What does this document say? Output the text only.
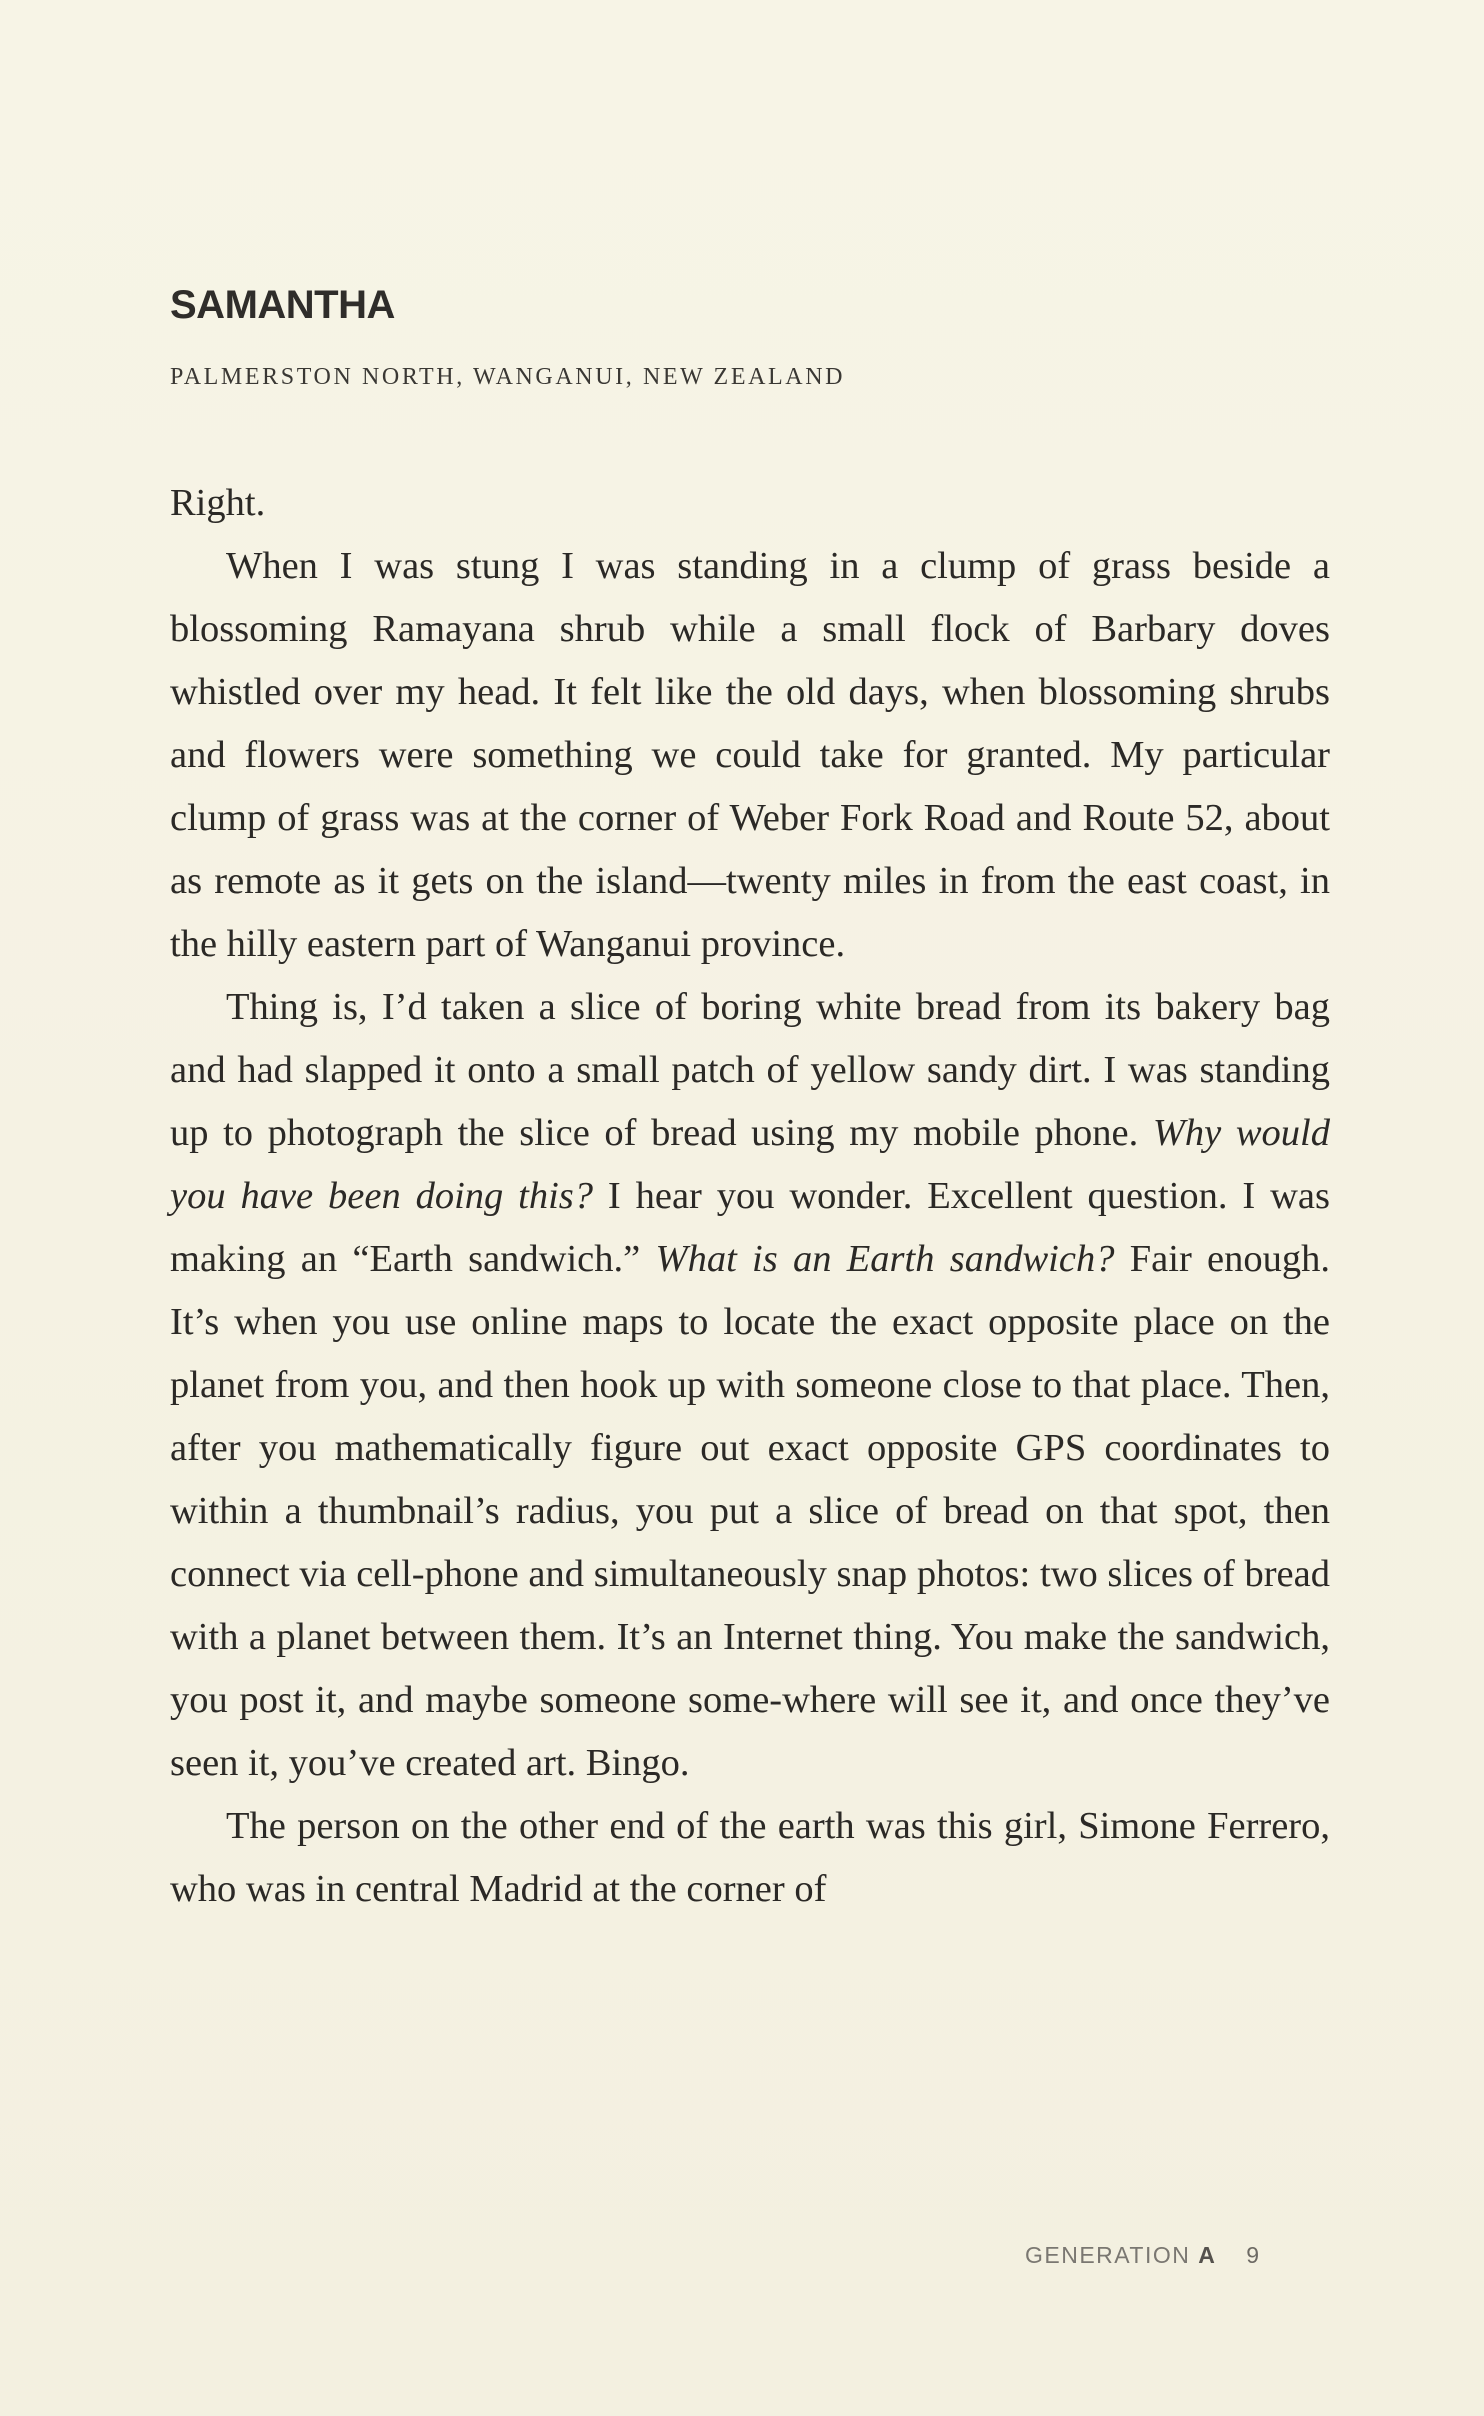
SAMANTHA
PALMERSTON NORTH, WANGANUI, NEW ZEALAND

Right.

When I was stung I was standing in a clump of grass beside a blossoming Ramayana shrub while a small flock of Barbary doves whistled over my head. It felt like the old days, when blossoming shrubs and flowers were something we could take for granted. My particular clump of grass was at the corner of Weber Fork Road and Route 52, about as remote as it gets on the island—twenty miles in from the east coast, in the hilly eastern part of Wanganui province.

Thing is, I’d taken a slice of boring white bread from its bakery bag and had slapped it onto a small patch of yellow sandy dirt. I was standing up to photograph the slice of bread using my mobile phone. Why would you have been doing this? I hear you wonder. Excellent question. I was making an “Earth sandwich.” What is an Earth sandwich? Fair enough. It’s when you use online maps to locate the exact opposite place on the planet from you, and then hook up with someone close to that place. Then, after you mathematically figure out exact opposite GPS coordinates to within a thumbnail’s radius, you put a slice of bread on that spot, then connect via cell-phone and simultaneously snap photos: two slices of bread with a planet between them. It’s an Internet thing. You make the sandwich, you post it, and maybe someone some-where will see it, and once they’ve seen it, you’ve created art. Bingo.

The person on the other end of the earth was this girl, Simone Ferrero, who was in central Madrid at the corner of

GENERATION A 9
